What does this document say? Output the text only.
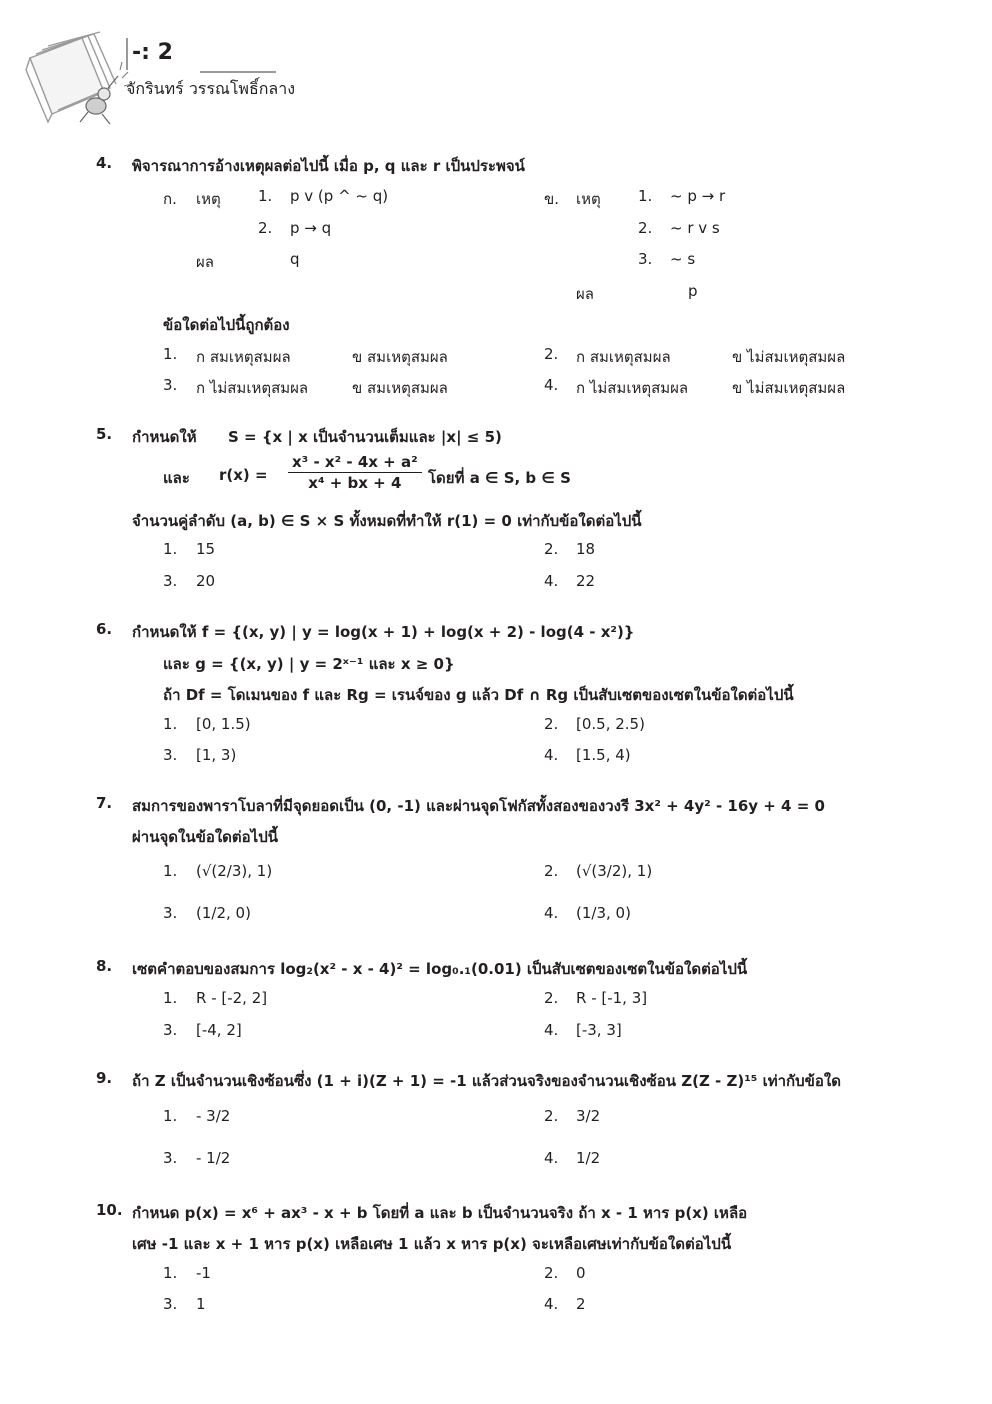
-: 2
จักรินทร์ วรรณโพธิ์กลาง
4. พิจารณาการอ้างเหตุผลต่อไปนี้ เมื่อ p, q และ r เป็นประพจน์
ก. เหตุ 1. p v (p ^ ~ q)
2. p → q
ผล	q
ข. เหตุ 1. ~ p → r
2. ~ r v s
3. ~ s
ผล	p
ข้อใดต่อไปนี้ถูกต้อง
1. ก สมเหตุสมผล	ข สมเหตุสมผล	2. ก สมเหตุสมผล	ข ไม่สมเหตุสมผล
3. ก ไม่สมเหตุสมผล	ข สมเหตุสมผล	4. ก ไม่สมเหตุสมผล	ข ไม่สมเหตุสมผล
5. กำหนดให้ S = {x | x เป็นจำนวนเต็มและ |x| ≤ 5)
และ $r(x) = \frac{\text{x³ - x² - 4x + a²}}{\text{x⁴ + bx + 4}}$ โดยที่ a ∈ S, b ∈ S
จำนวนคู่ลำดับ (a, b) ∈ S × S ทั้งหมดที่ทำให้ r(1) = 0 เท่ากับข้อใดต่อไปนี้
1. 15	2. 18
3. 20	4. 22
6. กำหนดให้ f = {(x, y) | y = log(x + 1) + log(x + 2) - log(4 - x²)}
และ g = {(x, y) | y = 2ˣ⁻¹ และ x ≥ 0}
ถ้า Df = โดเมนของ f และ Rg = เรนจ์ของ g แล้ว Df ∩ Rg เป็นสับเซตของเซตในข้อใดต่อไปนี้
1. [0, 1.5)	2. [0.5, 2.5)
3. [1, 3)	4. [1.5, 4)
7. สมการของพาราโบลาที่มีจุดยอดเป็น (0, -1) และผ่านจุดโฟกัสทั้งสองของวงรี 3x² + 4y² - 16y + 4 = 0
ผ่านจุดในข้อใดต่อไปนี้
1. (√(2/3), 1)	2. (√(3/2), 1)
3. (1/2, 0)	4. (1/3, 0)
8. เซตคำตอบของสมการ log₂(x² - x - 4)² = log₀.₁(0.01) เป็นสับเซตของเซตในข้อใดต่อไปนี้
1. R - [-2, 2]	2. R - [-1, 3]
3. [-4, 2]	4. [-3, 3]
9. ถ้า Z เป็นจำนวนเชิงซ้อนซึ่ง (1 + i)(Z + 1) = -1 แล้วส่วนจริงของจำนวนเชิงซ้อน Z(Z - Z)¹⁵ เท่ากับข้อใด
1. - 3/2	2. 3/2
3. - 1/2	4. 1/2
10. กำหนด p(x) = x⁶ + ax³ - x + b โดยที่ a และ b เป็นจำนวนจริง ถ้า x - 1 หาร p(x) เหลือ
เศษ -1 และ x + 1 หาร p(x) เหลือเศษ 1 แล้ว x หาร p(x) จะเหลือเศษเท่ากับข้อใดต่อไปนี้
1. -1	2. 0
3. 1	4. 2
